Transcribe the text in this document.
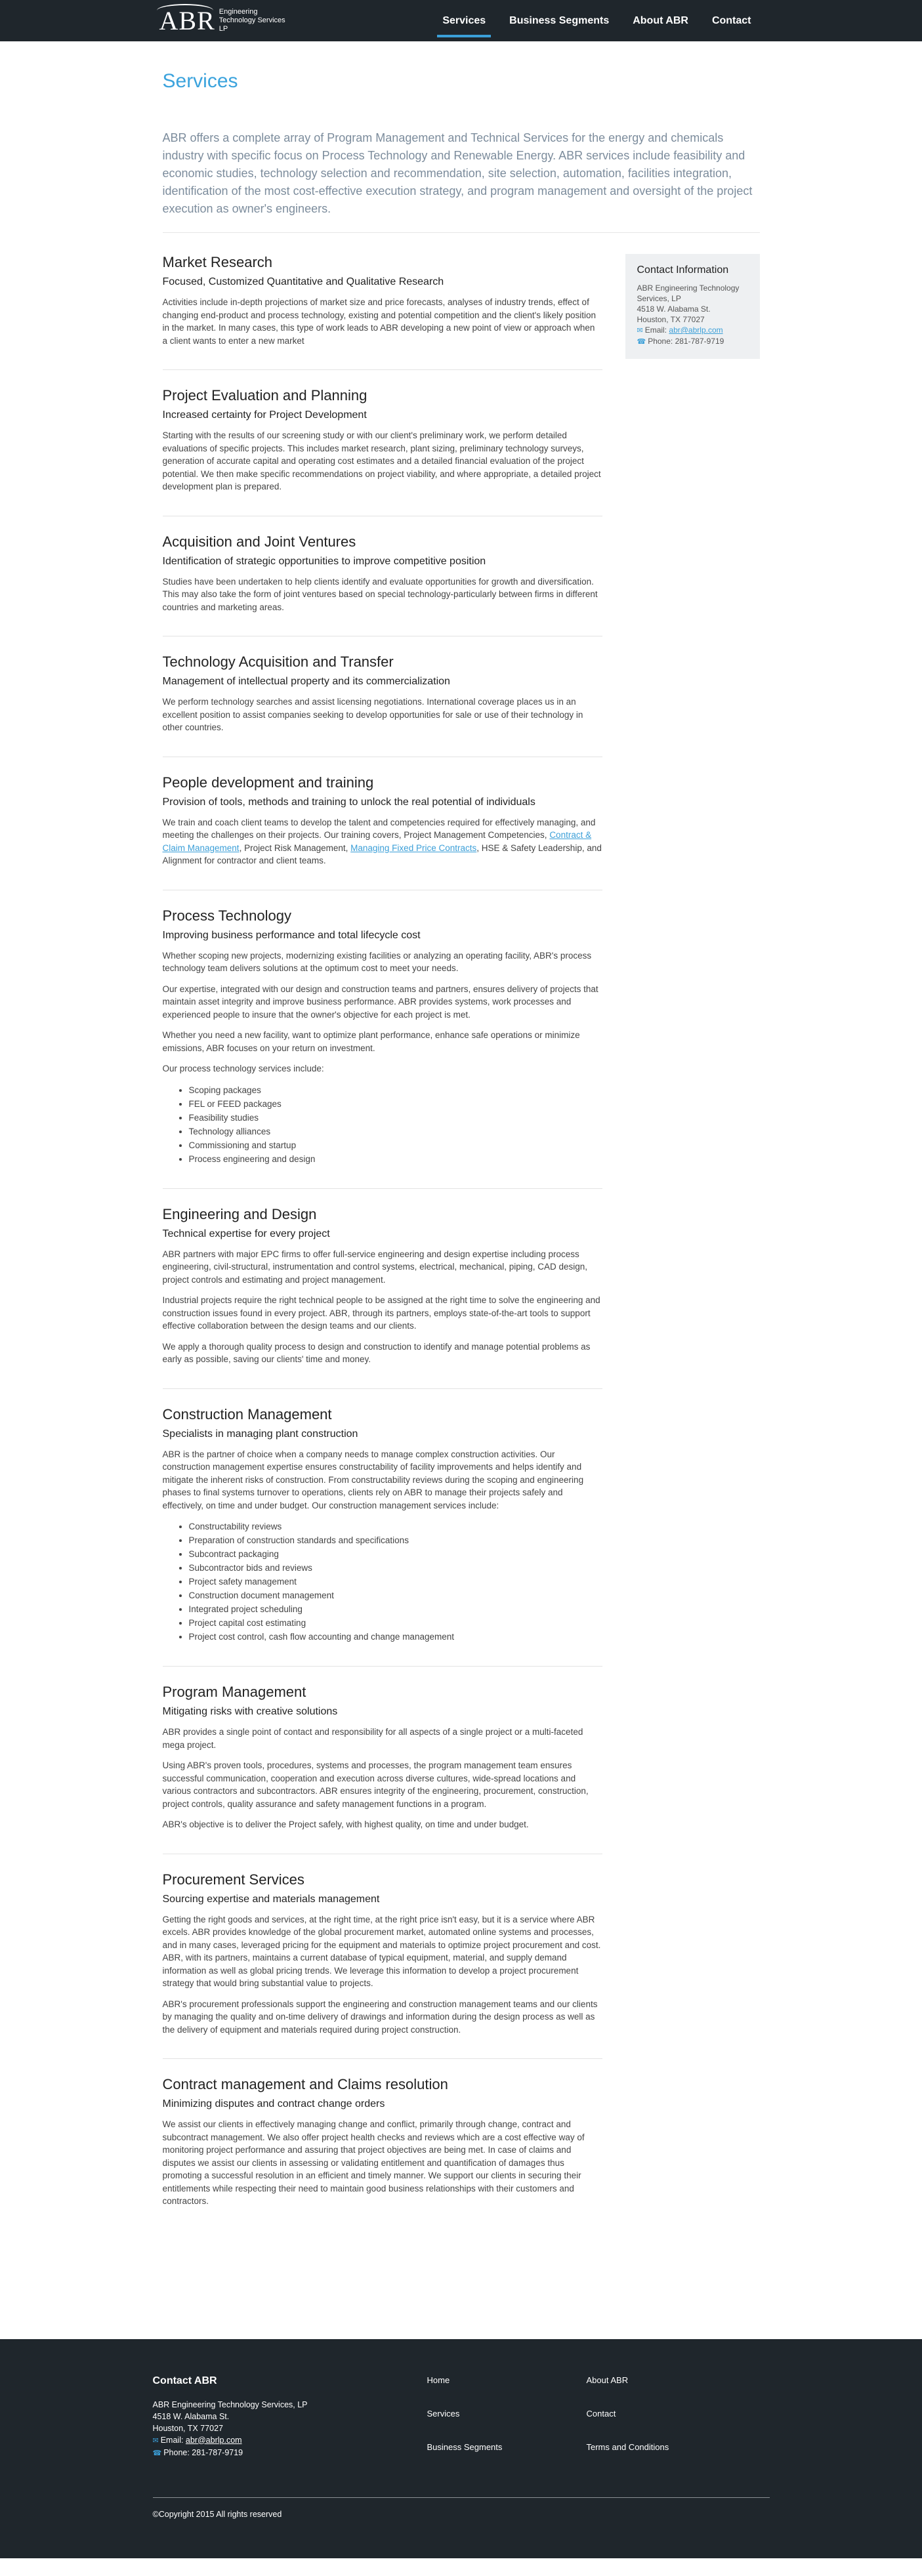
ABR Engineering Technology Services LP
Services	Business Segments	About ABR	Contact
Services

ABR offers a complete array of Program Management and Technical Services for the energy and chemicals industry with specific focus on Process Technology and Renewable Energy. ABR services include feasibility and economic studies, technology selection and recommendation, site selection, automation, facilities integration, identification of the most cost-effective execution strategy, and program management and oversight of the project execution as owner's engineers.

Market Research
Focused, Customized Quantitative and Qualitative Research

Activities include in-depth projections of market size and price forecasts, analyses of industry trends, effect of changing end-product and process technology, existing and potential competition and the client's likely position in the market. In many cases, this type of work leads to ABR developing a new point of view or approach when a client wants to enter a new market

Project Evaluation and Planning
Increased certainty for Project Development

Starting with the results of our screening study or with our client's preliminary work, we perform detailed evaluations of specific projects. This includes market research, plant sizing, preliminary technology surveys, generation of accurate capital and operating cost estimates and a detailed financial evaluation of the project potential. We then make specific recommendations on project viability, and where appropriate, a detailed project development plan is prepared.

Acquisition and Joint Ventures
Identification of strategic opportunities to improve competitive position

Studies have been undertaken to help clients identify and evaluate opportunities for growth and diversification. This may also take the form of joint ventures based on special technology-particularly between firms in different countries and marketing areas.

Technology Acquisition and Transfer
Management of intellectual property and its commercialization

We perform technology searches and assist licensing negotiations. International coverage places us in an excellent position to assist companies seeking to develop opportunities for sale or use of their technology in other countries.

People development and training
Provision of tools, methods and training to unlock the real potential of individuals

We train and coach client teams to develop the talent and competencies required for effectively managing, and meeting the challenges on their projects. Our training covers, Project Management Competencies, Contract & Claim Management, Project Risk Management, Managing Fixed Price Contracts, HSE & Safety Leadership, and Alignment for contractor and client teams.

Process Technology
Improving business performance and total lifecycle cost

Whether scoping new projects, modernizing existing facilities or analyzing an operating facility, ABR's process technology team delivers solutions at the optimum cost to meet your needs.

Our expertise, integrated with our design and construction teams and partners, ensures delivery of projects that maintain asset integrity and improve business performance. ABR provides systems, work processes and experienced people to insure that the owner's objective for each project is met.

Whether you need a new facility, want to optimize plant performance, enhance safe operations or minimize emissions, ABR focuses on your return on investment.

Our process technology services include:

• Scoping packages
• FEL or FEED packages
• Feasibility studies
• Technology alliances
• Commissioning and startup
• Process engineering and design
Engineering and Design
Technical expertise for every project

ABR partners with major EPC firms to offer full-service engineering and design expertise including process engineering, civil-structural, instrumentation and control systems, electrical, mechanical, piping, CAD design, project controls and estimating and project management.

Industrial projects require the right technical people to be assigned at the right time to solve the engineering and construction issues found in every project. ABR, through its partners, employs state-of-the-art tools to support effective collaboration between the design teams and our clients.

We apply a thorough quality process to design and construction to identify and manage potential problems as early as possible, saving our clients' time and money.

Construction Management
Specialists in managing plant construction

ABR is the partner of choice when a company needs to manage complex construction activities. Our construction management expertise ensures constructability of facility improvements and helps identify and mitigate the inherent risks of construction. From constructability reviews during the scoping and engineering phases to final systems turnover to operations, clients rely on ABR to manage their projects safely and effectively, on time and under budget. Our construction management services include:

• Constructability reviews
• Preparation of construction standards and specifications
• Subcontract packaging
• Subcontractor bids and reviews
• Project safety management
• Construction document management
• Integrated project scheduling
• Project capital cost estimating
• Project cost control, cash flow accounting and change management
Program Management
Mitigating risks with creative solutions

ABR provides a single point of contact and responsibility for all aspects of a single project or a multi-faceted mega project.

Using ABR's proven tools, procedures, systems and processes, the program management team ensures successful communication, cooperation and execution across diverse cultures, wide-spread locations and various contractors and subcontractors. ABR ensures integrity of the engineering, procurement, construction, project controls, quality assurance and safety management functions in a program.

ABR's objective is to deliver the Project safely, with highest quality, on time and under budget.

Procurement Services
Sourcing expertise and materials management

Getting the right goods and services, at the right time, at the right price isn't easy, but it is a service where ABR excels. ABR provides knowledge of the global procurement market, automated online systems and processes, and in many cases, leveraged pricing for the equipment and materials to optimize project procurement and cost. ABR, with its partners, maintains a current database of typical equipment, material, and supply demand information as well as global pricing trends. We leverage this information to develop a project procurement strategy that would bring substantial value to projects.

ABR's procurement professionals support the engineering and construction management teams and our clients by managing the quality and on-time delivery of drawings and information during the design process as well as the delivery of equipment and materials required during project construction.

Contract management and Claims resolution
Minimizing disputes and contract change orders

We assist our clients in effectively managing change and conflict, primarily through change, contract and subcontract management. We also offer project health checks and reviews which are a cost effective way of monitoring project performance and assuring that project objectives are being met. In case of claims and disputes we assist our clients in assessing or validating entitlement and quantification of damages thus promoting a successful resolution in an efficient and timely manner. We support our clients in securing their entitlements while respecting their need to maintain good business relationships with their customers and contractors.

Contact Information
ABR Engineering Technology Services, LP
4518 W. Alabama St.
Houston, TX 77027
✉ Email: abr@abrlp.com
☎ Phone: 281-787-9719
Contact ABR
ABR Engineering Technology Services, LP
4518 W. Alabama St.
Houston, TX 77027
✉ Email: abr@abrlp.com
☎ Phone: 281-787-9719
Home	About ABR
Services	Contact
Business Segments	Terms and Conditions
©Copyright 2015 All rights reserved
